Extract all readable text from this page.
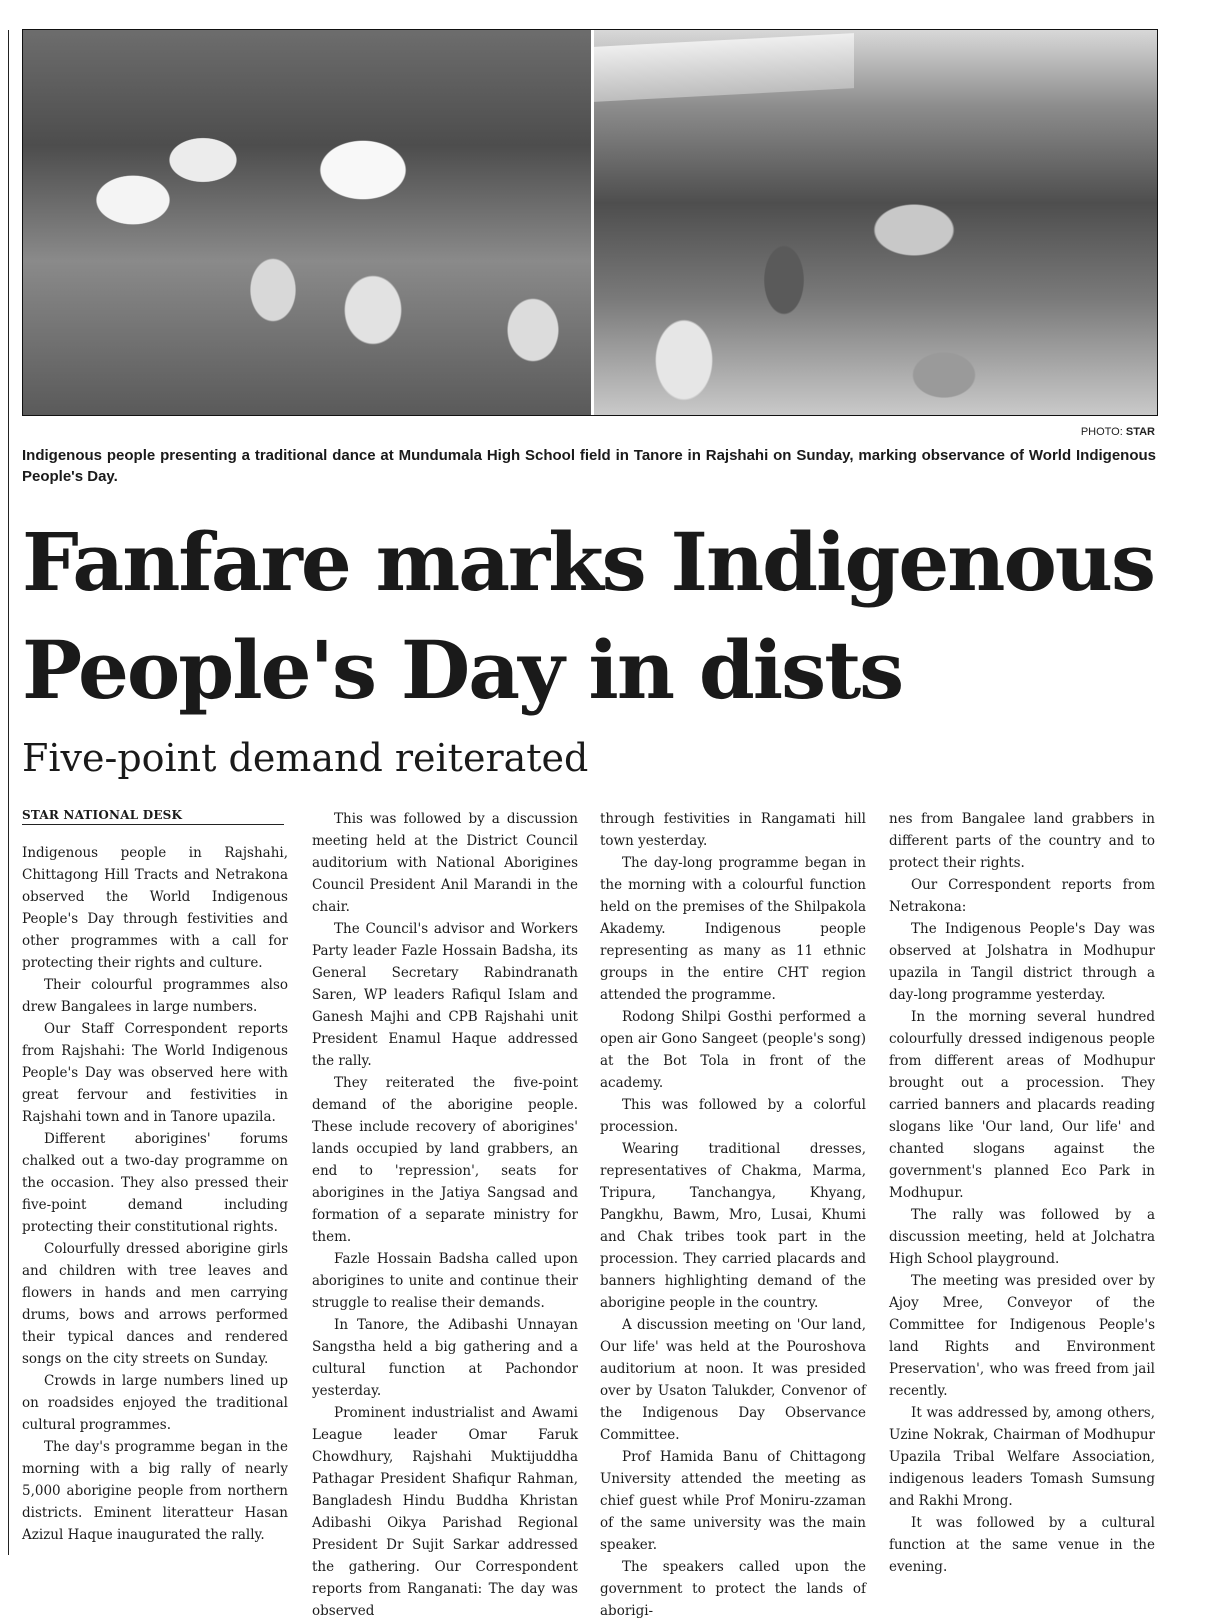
PHOTO: STAR
Indigenous people presenting a traditional dance at Mundumala High School field in Tanore in Rajshahi on Sunday, marking observance of World Indigenous People's Day.
Fanfare marks Indigenous People's Day in dists
Five-point demand reiterated
STAR NATIONAL DESK

Indigenous people in Rajshahi, Chittagong Hill Tracts and Netrakona observed the World Indigenous People's Day through festivities and other programmes with a call for protecting their rights and culture.

Their colourful programmes also drew Bangalees in large numbers.

Our Staff Correspondent reports from Rajshahi: The World Indigenous People's Day was observed here with great fervour and festivities in Rajshahi town and in Tanore upazila.

Different aborigines' forums chalked out a two-day programme on the occasion. They also pressed their five-point demand including protecting their constitutional rights.

Colourfully dressed aborigine girls and children with tree leaves and flowers in hands and men carrying drums, bows and arrows performed their typical dances and rendered songs on the city streets on Sunday.

Crowds in large numbers lined up on roadsides enjoyed the traditional cultural programmes.

The day's programme began in the morning with a big rally of nearly 5,000 aborigine people from northern districts. Eminent literatteur Hasan Azizul Haque inaugurated the rally.

This was followed by a discussion meeting held at the District Council auditorium with National Aborigines Council President Anil Marandi in the chair.

The Council's advisor and Workers Party leader Fazle Hossain Badsha, its General Secretary Rabindranath Saren, WP leaders Rafiqul Islam and Ganesh Majhi and CPB Rajshahi unit President Enamul Haque addressed the rally.

They reiterated the five-point demand of the aborigine people. These include recovery of aborigines' lands occupied by land grabbers, an end to 'repression', seats for aborigines in the Jatiya Sangsad and formation of a separate ministry for them.

Fazle Hossain Badsha called upon aborigines to unite and continue their struggle to realise their demands.

In Tanore, the Adibashi Unnayan Sangstha held a big gathering and a cultural function at Pachondor yesterday.

Prominent industrialist and Awami League leader Omar Faruk Chowdhury, Rajshahi Muktijuddha Pathagar President Shafiqur Rahman, Bangladesh Hindu Buddha Khristan Adibashi Oikya Parishad Regional President Dr Sujit Sarkar addressed the gathering. Our Correspondent reports from Ranganati: The day was observed

through festivities in Rangamati hill town yesterday.

The day-long programme began in the morning with a colourful function held on the premises of the Shilpakola Akademy. Indigenous people representing as many as 11 ethnic groups in the entire CHT region attended the programme.

Rodong Shilpi Gosthi performed a open air Gono Sangeet (people's song) at the Bot Tola in front of the academy.

This was followed by a colorful procession.

Wearing traditional dresses, representatives of Chakma, Marma, Tripura, Tanchangya, Khyang, Pangkhu, Bawm, Mro, Lusai, Khumi and Chak tribes took part in the procession. They carried placards and banners highlighting demand of the aborigine people in the country.

A discussion meeting on 'Our land, Our life' was held at the Pouroshova auditorium at noon. It was presided over by Usaton Talukder, Convenor of the Indigenous Day Observance Committee.

Prof Hamida Banu of Chittagong University attended the meeting as chief guest while Prof Moniru-zzaman of the same university was the main speaker.

The speakers called upon the government to protect the lands of aborigi-

nes from Bangalee land grabbers in different parts of the country and to protect their rights.

Our Correspondent reports from Netrakona:

The Indigenous People's Day was observed at Jolshatra in Modhupur upazila in Tangil district through a day-long programme yesterday.

In the morning several hundred colourfully dressed indigenous people from different areas of Modhupur brought out a procession. They carried banners and placards reading slogans like 'Our land, Our life' and chanted slogans against the government's planned Eco Park in Modhupur.

The rally was followed by a discussion meeting, held at Jolchatra High School playground.

The meeting was presided over by Ajoy Mree, Conveyor of the Committee for Indigenous People's land Rights and Environment Preservation', who was freed from jail recently.

It was addressed by, among others, Uzine Nokrak, Chairman of Modhupur Upazila Tribal Welfare Association, indigenous leaders Tomash Sumsung and Rakhi Mrong.

It was followed by a cultural function at the same venue in the evening.
